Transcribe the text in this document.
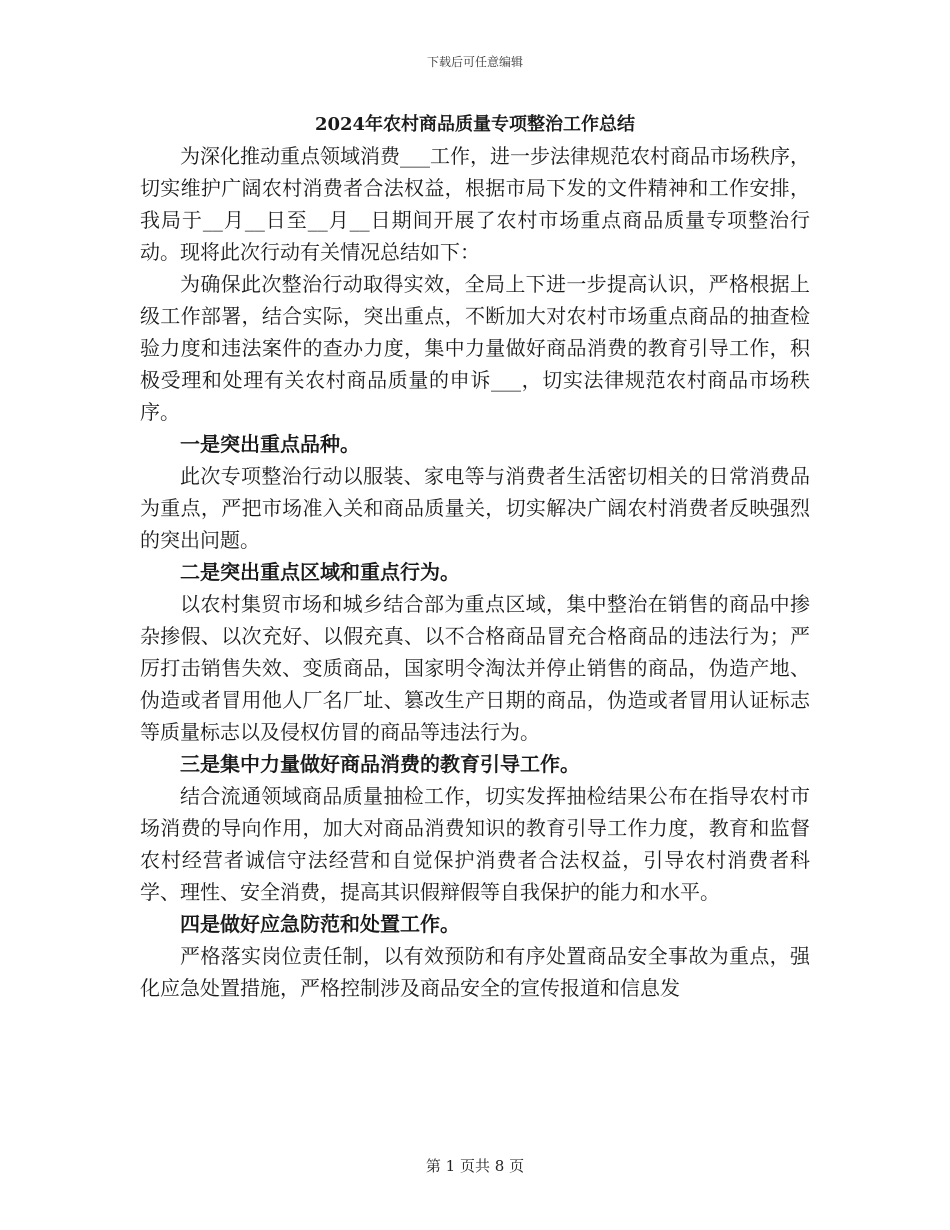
下载后可任意编辑
2024年农村商品质量专项整治工作总结

为深化推动重点领域消费___工作，进一步法律规范农村商品市场秩序，切实维护广阔农村消费者合法权益，根据市局下发的文件精神和工作安排，我局于__月__日至__月__日期间开展了农村市场重点商品质量专项整治行动。现将此次行动有关情况总结如下：

为确保此次整治行动取得实效，全局上下进一步提高认识，严格根据上级工作部署，结合实际，突出重点，不断加大对农村市场重点商品的抽查检验力度和违法案件的查办力度，集中力量做好商品消费的教育引导工作，积极受理和处理有关农村商品质量的申诉___，切实法律规范农村商品市场秩序。

一是突出重点品种。

此次专项整治行动以服装、家电等与消费者生活密切相关的日常消费品为重点，严把市场准入关和商品质量关，切实解决广阔农村消费者反映强烈的突出问题。

二是突出重点区域和重点行为。

以农村集贸市场和城乡结合部为重点区域，集中整治在销售的商品中掺杂掺假、以次充好、以假充真、以不合格商品冒充合格商品的违法行为；严厉打击销售失效、变质商品，国家明令淘汰并停止销售的商品，伪造产地、伪造或者冒用他人厂名厂址、篡改生产日期的商品，伪造或者冒用认证标志等质量标志以及侵权仿冒的商品等违法行为。

三是集中力量做好商品消费的教育引导工作。

结合流通领域商品质量抽检工作，切实发挥抽检结果公布在指导农村市场消费的导向作用，加大对商品消费知识的教育引导工作力度，教育和监督农村经营者诚信守法经营和自觉保护消费者合法权益，引导农村消费者科学、理性、安全消费，提高其识假辩假等自我保护的能力和水平。

四是做好应急防范和处置工作。

严格落实岗位责任制，以有效预防和有序处置商品安全事故为重点，强化应急处置措施，严格控制涉及商品安全的宣传报道和信息发

第 1 页共 8 页
